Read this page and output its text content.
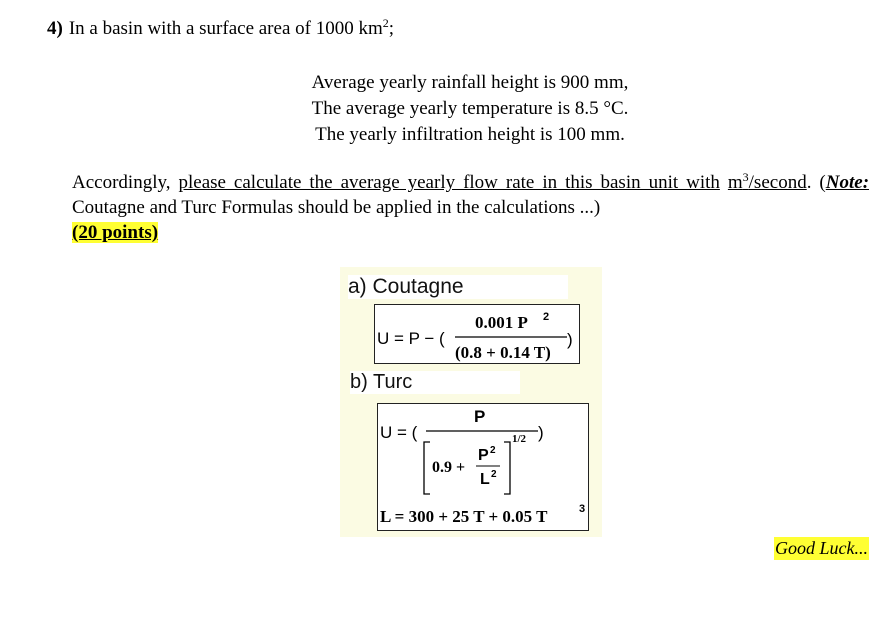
4) In a basin with a surface area of 1000 $km^2$;
Average yearly rainfall height is 900 mm,
The average yearly temperature is 8.5 °C.
The yearly infiltration height is 100 mm.
Accordingly, please calculate the average yearly flow rate in this basin unit with $m^3$/second. (Note: Coutagne and Turc Formulas should be applied in the calculations ...)
(20 points)
a) Coutagne
U = P − (
0.001 P 2
(0.8 + 0.14 T)
)
b) Turc
U = (
P
)
1/2
0.9 +
P 2
L 2
L = 300 + 25 T + 0.05 T	3
Good Luck...
